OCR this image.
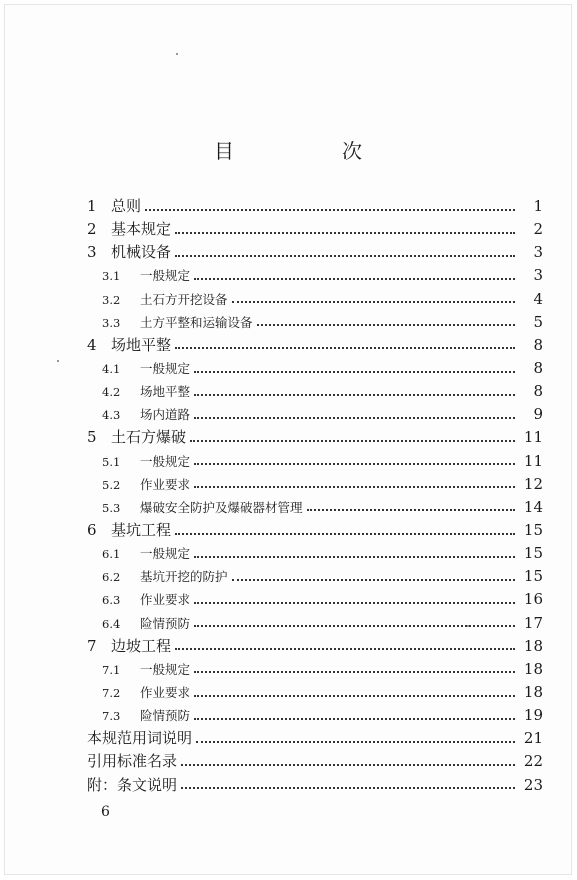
目　次
1 总则	1
2 基本规定	2
3 机械设备	3
3.1	一般规定	3
3.2	土石方开挖设备	4
3.3	土方平整和运输设备	5
4 场地平整	8
4.1	一般规定	8
4.2	场地平整	8
4.3	场内道路	9
5 土石方爆破	11
5.1	一般规定	11
5.2	作业要求	12
5.3	爆破安全防护及爆破器材管理	14
6 基坑工程	15
6.1	一般规定	15
6.2	基坑开挖的防护	15
6.3	作业要求	16
6.4	险情预防	17
7 边坡工程	18
7.1	一般规定	18
7.2	作业要求	18
7.3	险情预防	19
本规范用词说明	21
引用标准名录	22
附：条文说明	23
6
